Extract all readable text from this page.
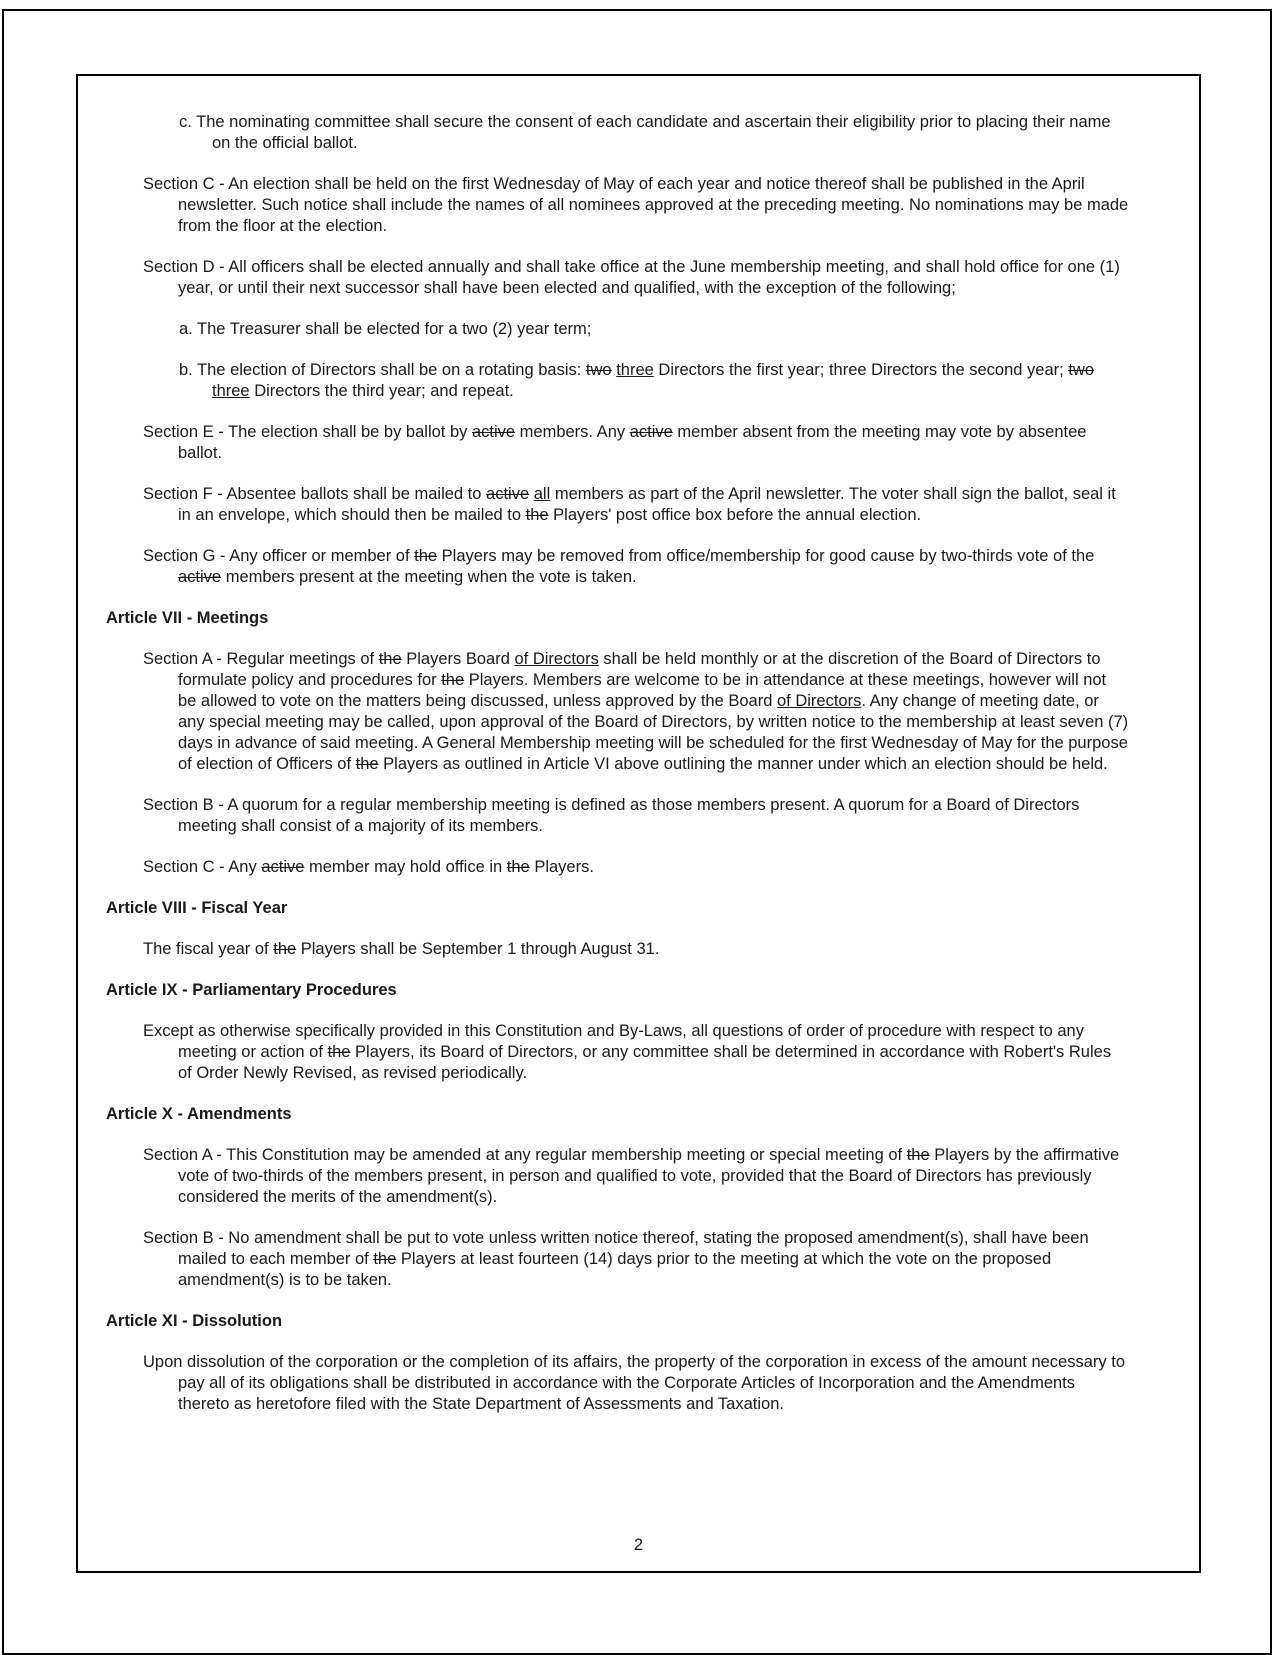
c. The nominating committee shall secure the consent of each candidate and ascertain their eligibility prior to placing their name on the official ballot.
Section C - An election shall be held on the first Wednesday of May of each year and notice thereof shall be published in the April newsletter. Such notice shall include the names of all nominees approved at the preceding meeting. No nominations may be made from the floor at the election.
Section D - All officers shall be elected annually and shall take office at the June membership meeting, and shall hold office for one (1) year, or until their next successor shall have been elected and qualified, with the exception of the following;
a. The Treasurer shall be elected for a two (2) year term;
b. The election of Directors shall be on a rotating basis: two three Directors the first year; three Directors the second year; two three Directors the third year; and repeat.
Section E - The election shall be by ballot by active members. Any active member absent from the meeting may vote by absentee ballot.
Section F - Absentee ballots shall be mailed to active all members as part of the April newsletter. The voter shall sign the ballot, seal it in an envelope, which should then be mailed to the Players' post office box before the annual election.
Section G - Any officer or member of the Players may be removed from office/membership for good cause by two-thirds vote of the active members present at the meeting when the vote is taken.
Article VII - Meetings
Section A - Regular meetings of the Players Board of Directors shall be held monthly or at the discretion of the Board of Directors to formulate policy and procedures for the Players. Members are welcome to be in attendance at these meetings, however will not be allowed to vote on the matters being discussed, unless approved by the Board of Directors. Any change of meeting date, or any special meeting may be called, upon approval of the Board of Directors, by written notice to the membership at least seven (7) days in advance of said meeting. A General Membership meeting will be scheduled for the first Wednesday of May for the purpose of election of Officers of the Players as outlined in Article VI above outlining the manner under which an election should be held.
Section B - A quorum for a regular membership meeting is defined as those members present. A quorum for a Board of Directors meeting shall consist of a majority of its members.
Section C - Any active member may hold office in the Players.
Article VIII - Fiscal Year
The fiscal year of the Players shall be September 1 through August 31.
Article IX - Parliamentary Procedures
Except as otherwise specifically provided in this Constitution and By-Laws, all questions of order of procedure with respect to any meeting or action of the Players, its Board of Directors, or any committee shall be determined in accordance with Robert's Rules of Order Newly Revised, as revised periodically.
Article X - Amendments
Section A - This Constitution may be amended at any regular membership meeting or special meeting of the Players by the affirmative vote of two-thirds of the members present, in person and qualified to vote, provided that the Board of Directors has previously considered the merits of the amendment(s).
Section B - No amendment shall be put to vote unless written notice thereof, stating the proposed amendment(s), shall have been mailed to each member of the Players at least fourteen (14) days prior to the meeting at which the vote on the proposed amendment(s) is to be taken.
Article XI - Dissolution
Upon dissolution of the corporation or the completion of its affairs, the property of the corporation in excess of the amount necessary to pay all of its obligations shall be distributed in accordance with the Corporate Articles of Incorporation and the Amendments thereto as heretofore filed with the State Department of Assessments and Taxation.
2
